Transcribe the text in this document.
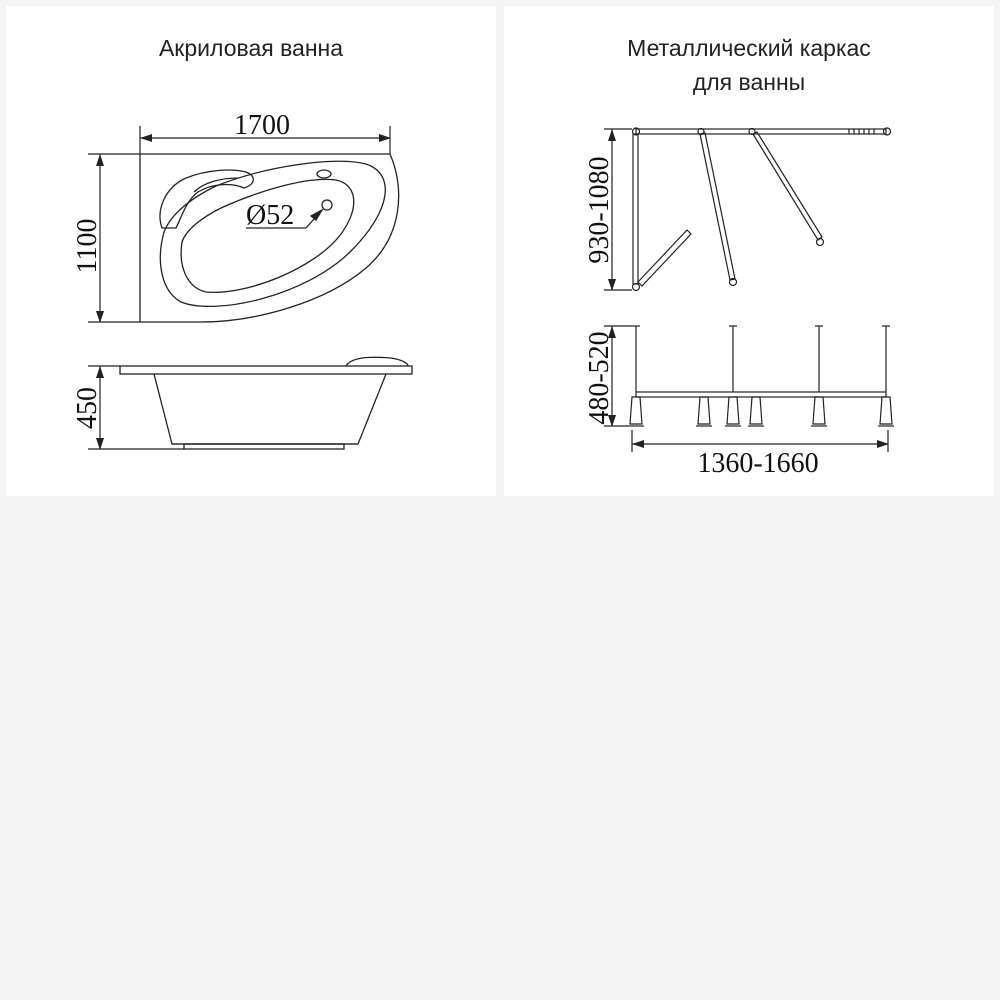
Акриловая ванна
1700
1100
Ø52
450
Металлический каркас
для ванны
930-1080
480-520
1360-1660
